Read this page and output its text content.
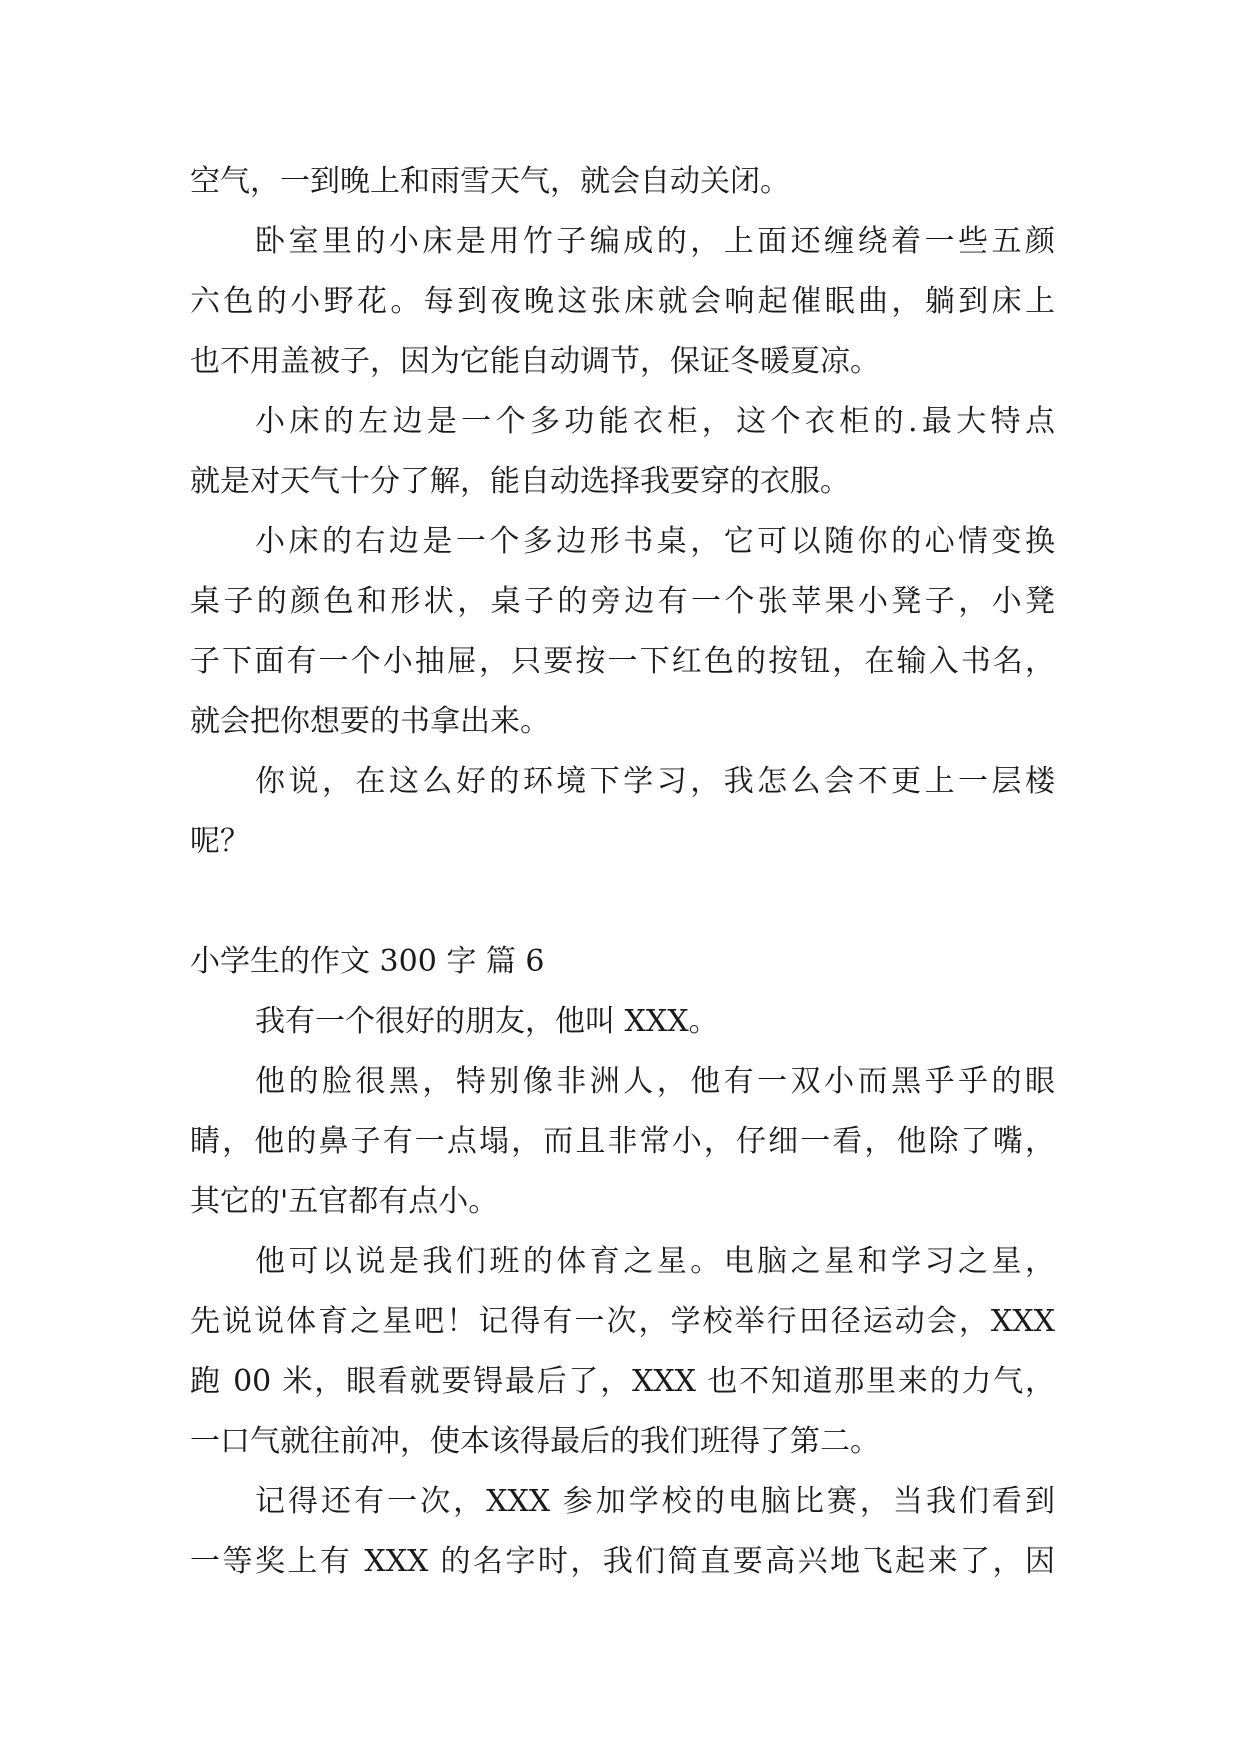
空气，一到晚上和雨雪天气，就会自动关闭。
卧室里的小床是用竹子编成的，上面还缠绕着一些五颜
六色的小野花。每到夜晚这张床就会响起催眠曲，躺到床上
也不用盖被子，因为它能自动调节，保证冬暖夏凉。
小床的左边是一个多功能衣柜，这个衣柜的.最大特点
就是对天气十分了解，能自动选择我要穿的衣服。
小床的右边是一个多边形书桌，它可以随你的心情变换
桌子的颜色和形状，桌子的旁边有一个张苹果小凳子，小凳
子下面有一个小抽屉，只要按一下红色的按钮，在输入书名，
就会把你想要的书拿出来。
你说，在这么好的环境下学习，我怎么会不更上一层楼
呢？
小学生的作文 300 字 篇 6
我有一个很好的朋友，他叫 XXX。
他的脸很黑，特别像非洲人，他有一双小而黑乎乎的眼
睛，他的鼻子有一点塌，而且非常小，仔细一看，他除了嘴，
其它的'五官都有点小。
他可以说是我们班的体育之星。电脑之星和学习之星，
先说说体育之星吧！记得有一次，学校举行田径运动会，XXX
跑 00 米，眼看就要锝最后了，XXX 也不知道那里来的力气，
一口气就往前冲，使本该得最后的我们班得了第二。
记得还有一次，XXX 参加学校的电脑比赛，当我们看到
一等奖上有 XXX 的名字时，我们简直要高兴地飞起来了，因
